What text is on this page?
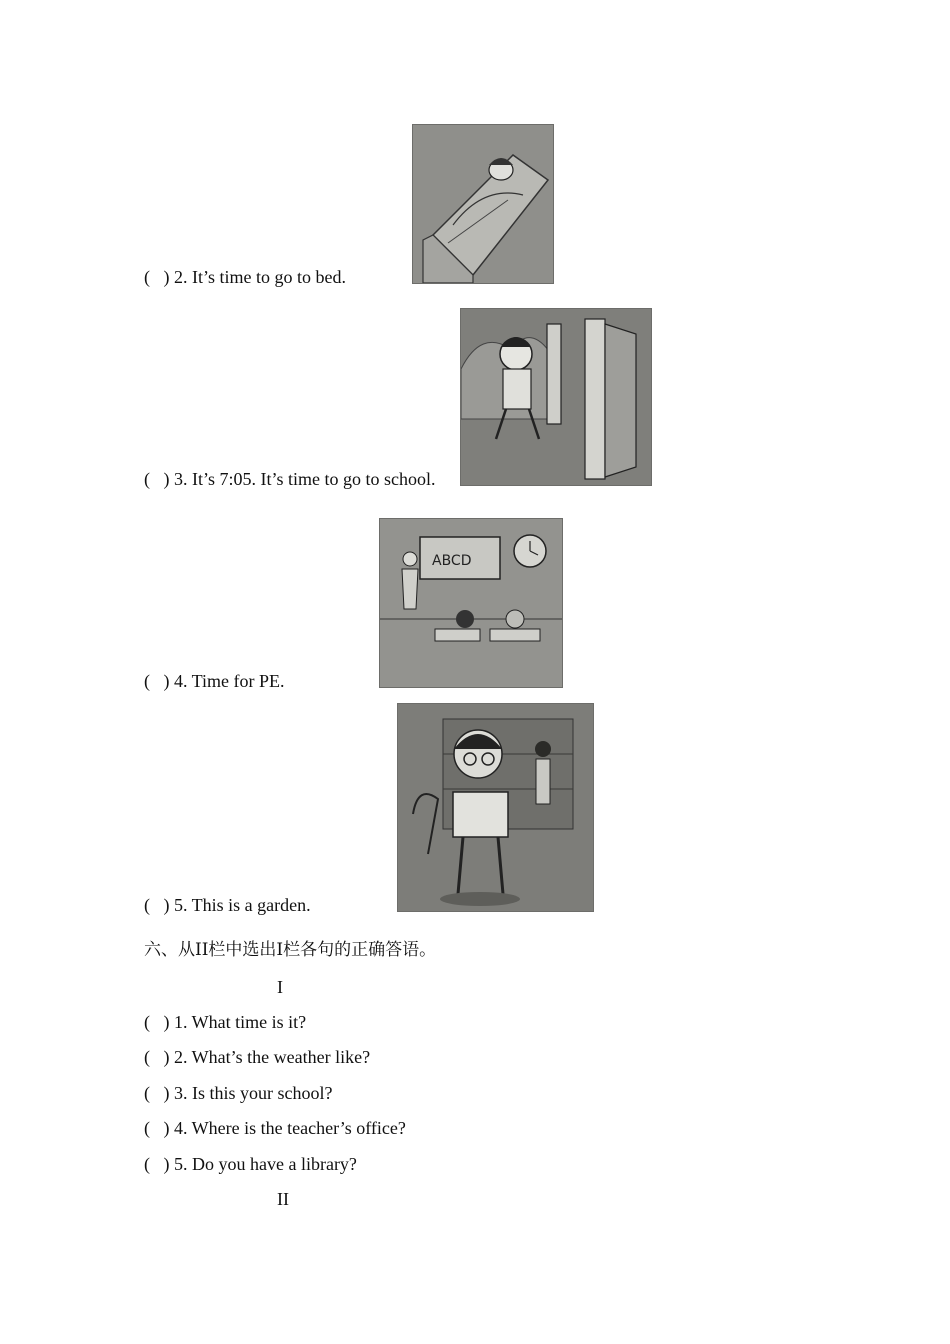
(   ) 2. It’s time to go to bed.
(   ) 3. It’s 7:05. It’s time to go to school.
ABCD
(   ) 4. Time for PE.
(   ) 5. This is a garden.
六、从II栏中选出I栏各句的正确答语。
I
(   ) 1. What time is it?
(   ) 2. What’s the weather like?
(   ) 3. Is this your school?
(   ) 4. Where is the teacher’s office?
(   ) 5. Do you have a library?
II
